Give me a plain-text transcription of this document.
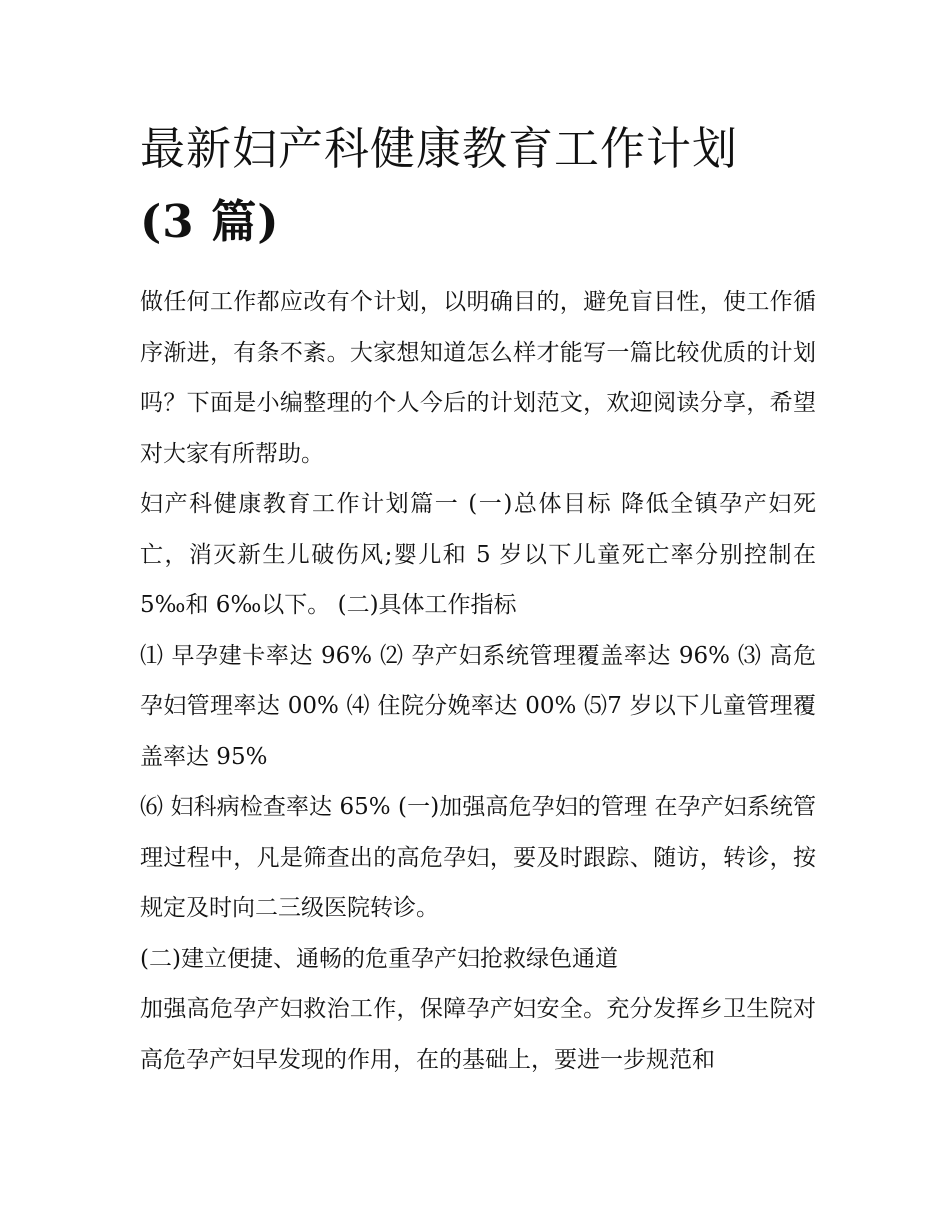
最新妇产科健康教育工作计划
(3 篇)

做任何工作都应改有个计划，以明确目的，避免盲目性，使工作循序渐进，有条不紊。大家想知道怎么样才能写一篇比较优质的计划吗？下面是小编整理的个人今后的计划范文，欢迎阅读分享，希望对大家有所帮助。

妇产科健康教育工作计划篇一 (一)总体目标 降低全镇孕产妇死亡，消灭新生儿破伤风;婴儿和 5 岁以下儿童死亡率分别控制在 5‰和 6‰以下。 (二)具体工作指标

⑴ 早孕建卡率达 96% ⑵ 孕产妇系统管理覆盖率达 96% ⑶ 高危孕妇管理率达 00% ⑷ 住院分娩率达 00% ⑸7 岁以下儿童管理覆盖率达 95%

⑹ 妇科病检查率达 65% (一)加强高危孕妇的管理 在孕产妇系统管理过程中，凡是筛查出的高危孕妇，要及时跟踪、随访，转诊，按规定及时向二三级医院转诊。

(二)建立便捷、通畅的危重孕产妇抢救绿色通道

加强高危孕产妇救治工作，保障孕产妇安全。充分发挥乡卫生院对高危孕产妇早发现的作用，在的基础上，要进一步规范和
